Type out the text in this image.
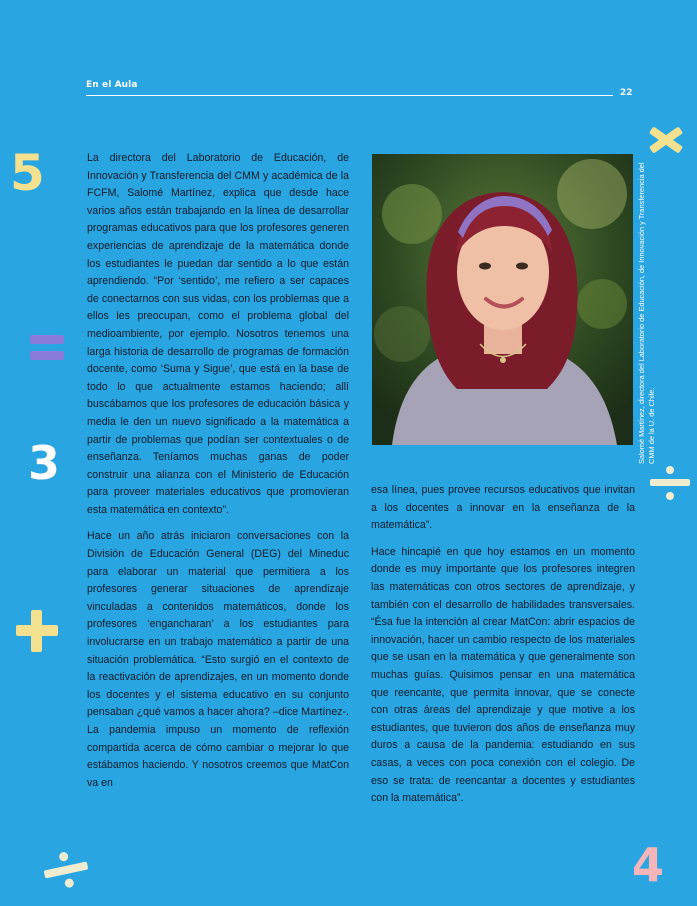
En el Aula
22
5
3
4

La directora del Laboratorio de Educación, de Innovación y Transferencia del CMM y académica de la FCFM, Salomé Martínez, explica que desde hace varios años están trabajando en la línea de desarrollar programas educativos para que los profesores generen experiencias de aprendizaje de la matemática donde los estudiantes le puedan dar sentido a lo que están aprendiendo. “Por ‘sentido’, me refiero a ser capaces de conectarnos con sus vidas, con los problemas que a ellos les preocupan, como el problema global del medioambiente, por ejemplo. Nosotros tenemos una larga historia de desarrollo de programas de formación docente, como ‘Suma y Sigue’, que está en la base de todo lo que actualmente estamos haciendo; allí buscábamos que los profesores de educación básica y media le den un nuevo significado a la matemática a partir de problemas que podían ser contextuales o de enseñanza. Teníamos muchas ganas de poder construir una alianza con el Ministerio de Educación para proveer materiales educativos que promovieran esta matemática en contexto”.

Hace un año atrás iniciaron conversaciones con la División de Educación General (DEG) del Mineduc para elaborar un material que permitiera a los profesores generar situaciones de aprendizaje vinculadas a contenidos matemáticos, donde los profesores ‘engancharan’ a los estudiantes para involucrarse en un trabajo matemático a partir de una situación problemática. “Esto surgió en el contexto de la reactivación de aprendizajes, en un momento donde los docentes y el sistema educativo en su conjunto pensaban ¿qué vamos a hacer ahora? –dice Martínez-. La pandemia impuso un momento de reflexión compartida acerca de cómo cambiar o mejorar lo que estábamos haciendo. Y nosotros creemos que MatCon va en

Salomé Martínez, directora del Laboratorio de Educación, de Innovación y Transferencia del CMM de la U. de Chile.

esa línea, pues provee recursos educativos que invitan a los docentes a innovar en la enseñanza de la matemática”.

Hace hincapié en que hoy estamos en un momento donde es muy importante que los profesores integren las matemáticas con otros sectores de aprendizaje, y también con el desarrollo de habilidades transversales. “Ésa fue la intención al crear MatCon: abrir espacios de innovación, hacer un cambio respecto de los materiales que se usan en la matemática y que generalmente son muchas guías. Quisimos pensar en una matemática que reencante, que permita innovar, que se conecte con otras áreas del aprendizaje y que motive a los estudiantes, que tuvieron dos años de enseñanza muy duros a causa de la pandemia: estudiando en sus casas, a veces con poca conexión con el colegio. De eso se trata: de reencantar a docentes y estudiantes con la matemática”.
